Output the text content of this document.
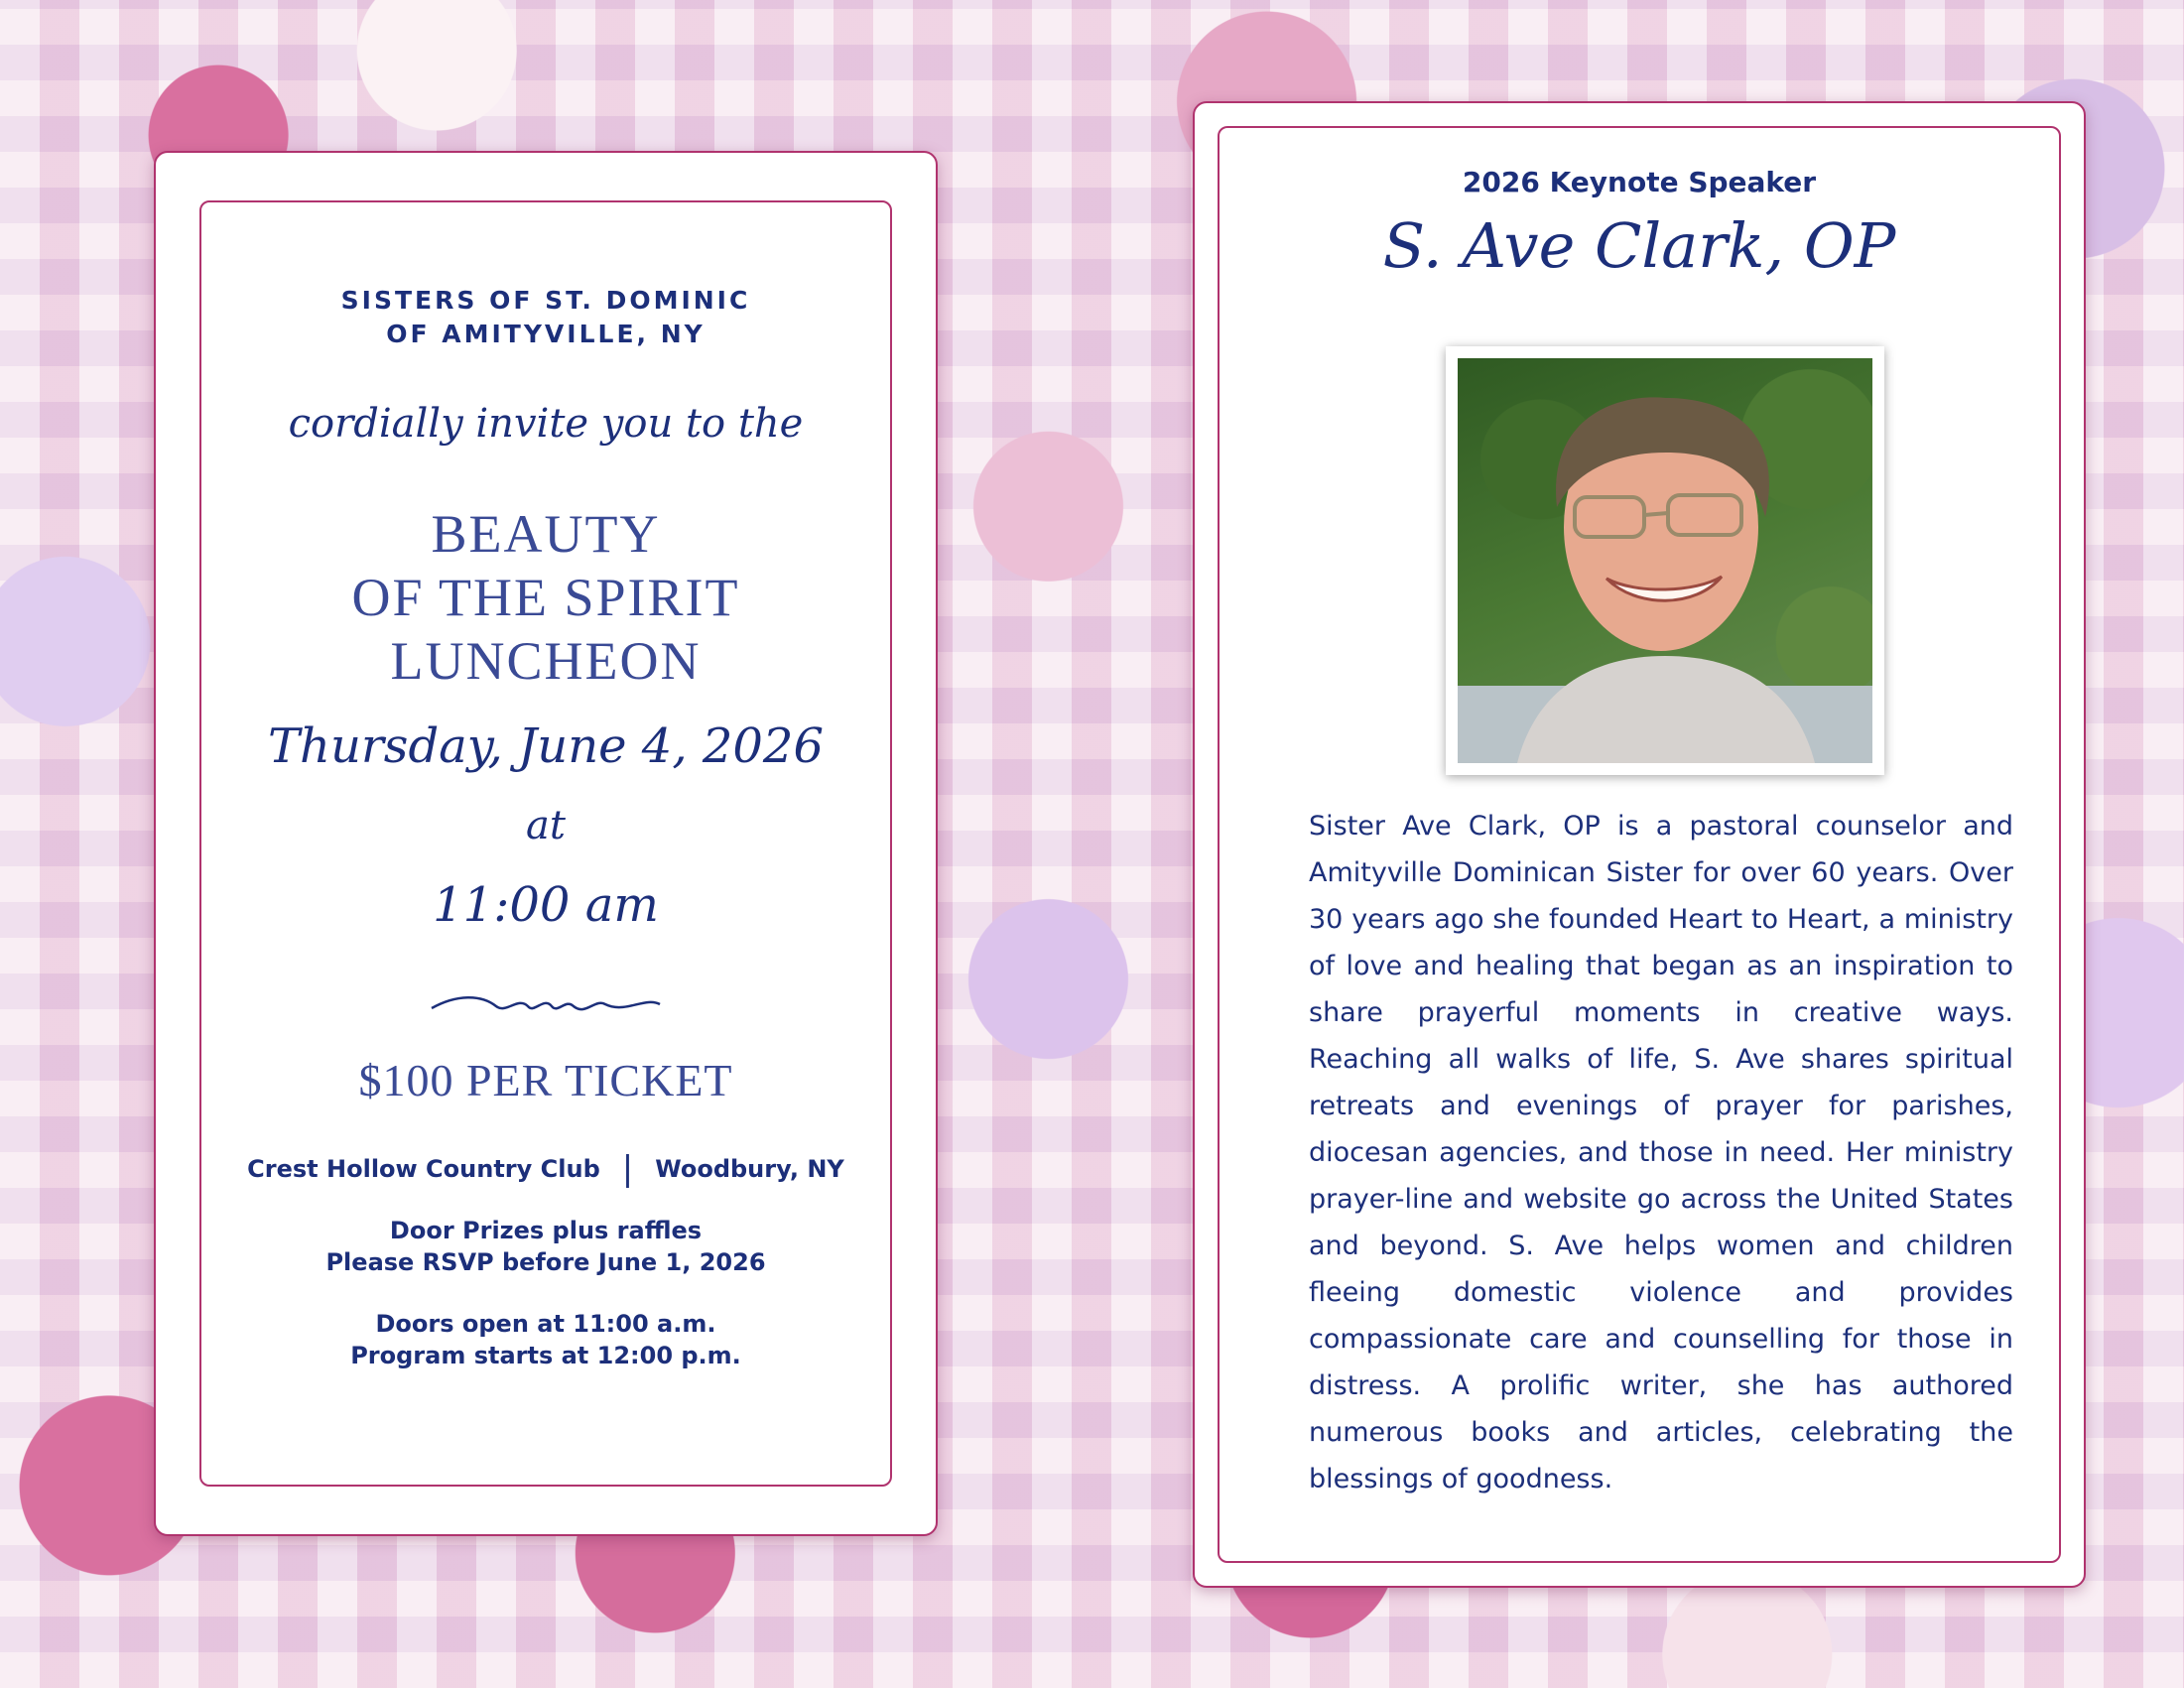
SISTERS OF ST. DOMINIC
OF AMITYVILLE, NY
cordially invite you to the
BEAUTY
OF THE SPIRIT
LUNCHEON
Thursday, June 4, 2026
at
11:00 am
$100 PER TICKET
Crest Hollow Country Club | Woodbury, NY
Door Prizes plus raffles
Please RSVP before June 1, 2026
Doors open at 11:00 a.m.
Program starts at 12:00 p.m.
2026 Keynote Speaker
S. Ave Clark, OP
Sister Ave Clark, OP is a pastoral counselor and Amityville Dominican Sister for over 60 years. Over 30 years ago she founded Heart to Heart, a ministry of love and healing that began as an inspiration to share prayerful moments in creative ways. Reaching all walks of life, S. Ave shares spiritual retreats and evenings of prayer for parishes, diocesan agencies, and those in need. Her ministry prayer-line and website go across the United States and beyond. S. Ave helps women and children fleeing domestic violence and provides compassionate care and counselling for those in distress. A prolific writer, she has authored numerous books and articles, celebrating the blessings of goodness.
